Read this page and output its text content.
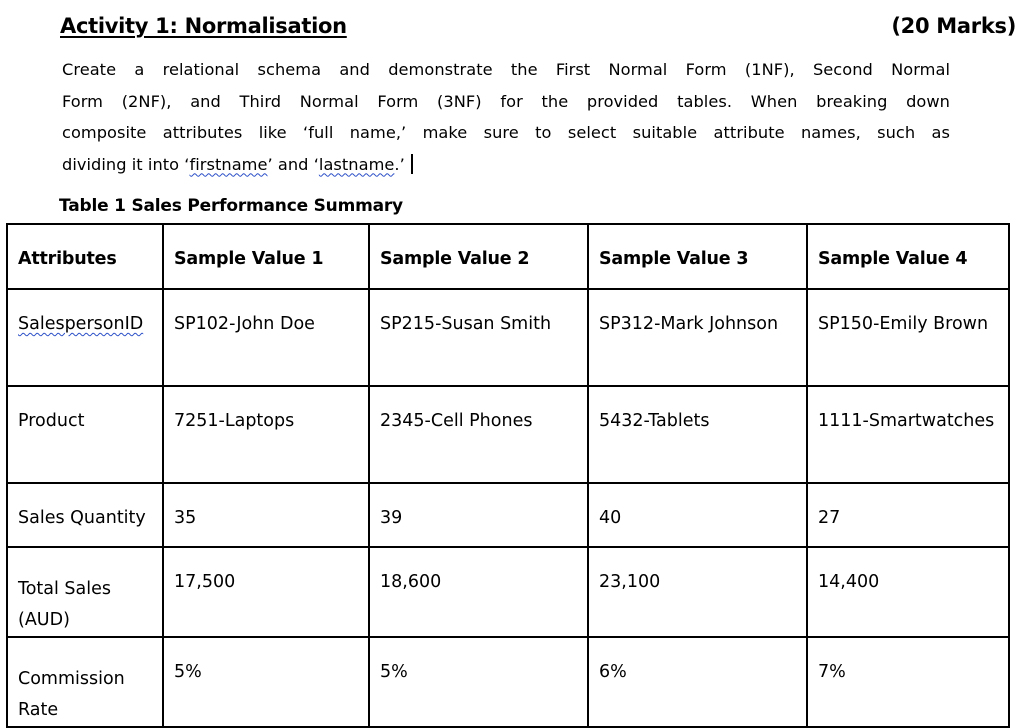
Activity 1: Normalisation	(20 Marks)
Create a relational schema and demonstrate the First Normal Form (1NF), Second Normal
Form (2NF), and Third Normal Form (3NF) for the provided tables. When breaking down
composite attributes like ‘full name,’ make sure to select suitable attribute names, such as
dividing it into ‘firstname’ and ‘lastname.’
Table 1 Sales Performance Summary
Attributes	Sample Value 1	Sample Value 2	Sample Value 3	Sample Value 4
SalespersonID	SP102-John Doe	SP215-Susan Smith	SP312-Mark Johnson	SP150-Emily Brown
Product	7251-Laptops	2345-Cell Phones	5432-Tablets	1111-Smartwatches
Sales Quantity	35	39	40	27
Total Sales (AUD)	17,500	18,600	23,100	14,400
Commission Rate	5%	5%	6%	7%
